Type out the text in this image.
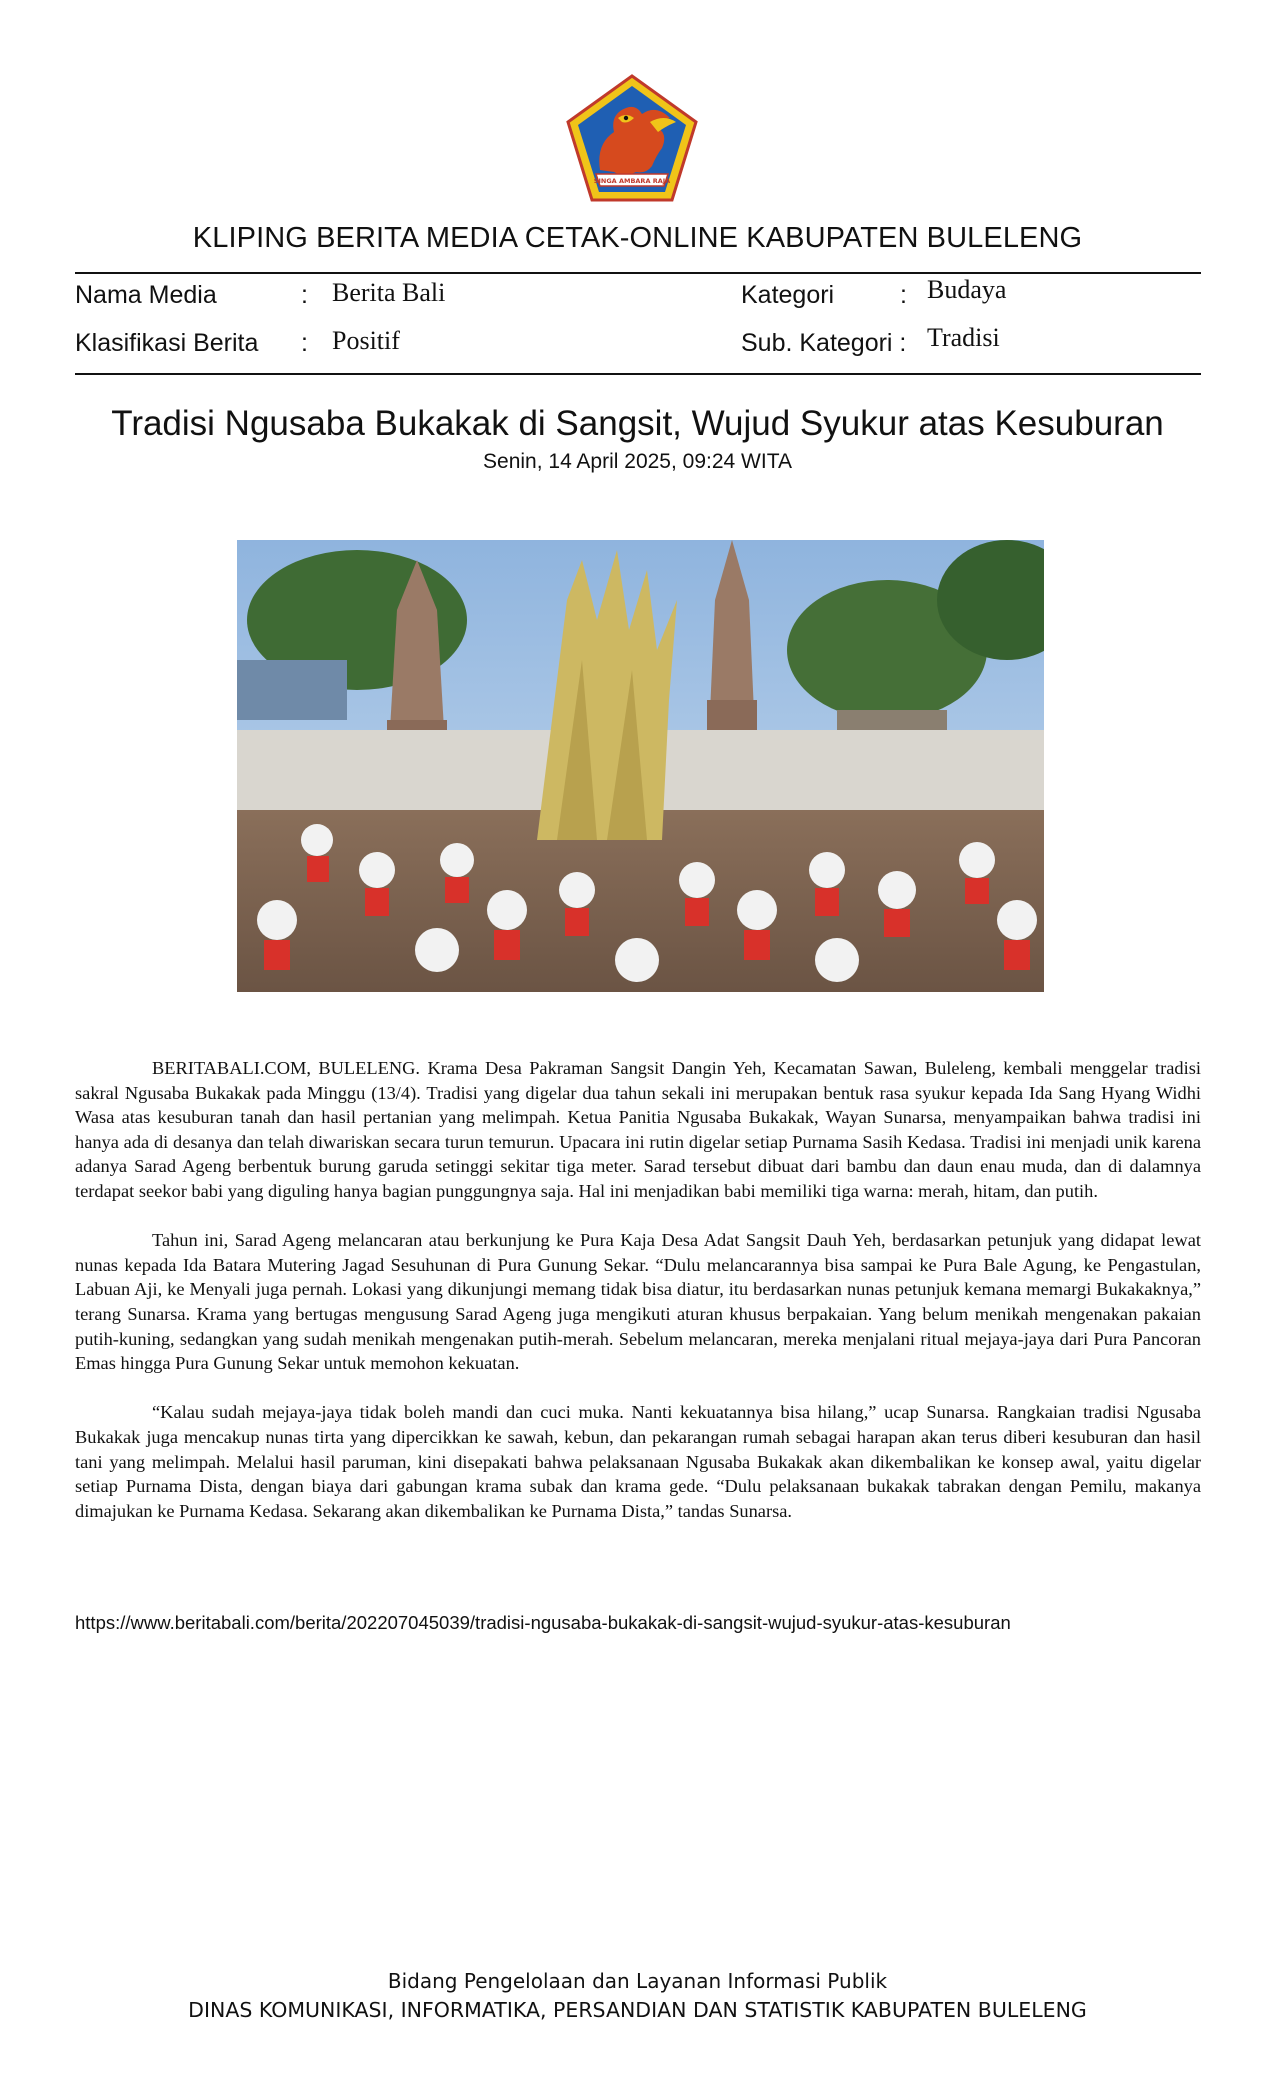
SINGA AMBARA RAJA
KLIPING BERITA MEDIA CETAK-ONLINE KABUPATEN BULELENG
Nama Media	: Berita Bali	Kategori	: Budaya
Klasifikasi Berita : Positif	Sub. Kategori : Tradisi
Tradisi Ngusaba Bukakak di Sangsit, Wujud Syukur atas Kesuburan
Senin, 14 April 2025, 09:24 WITA

BERITABALI.COM, BULELENG. Krama Desa Pakraman Sangsit Dangin Yeh, Kecamatan Sawan, Buleleng, kembali menggelar tradisi sakral Ngusaba Bukakak pada Minggu (13/4). Tradisi yang digelar dua tahun sekali ini merupakan bentuk rasa syukur kepada Ida Sang Hyang Widhi Wasa atas kesuburan tanah dan hasil pertanian yang melimpah. Ketua Panitia Ngusaba Bukakak, Wayan Sunarsa, menyampaikan bahwa tradisi ini hanya ada di desanya dan telah diwariskan secara turun temurun. Upacara ini rutin digelar setiap Purnama Sasih Kedasa. Tradisi ini menjadi unik karena adanya Sarad Ageng berbentuk burung garuda setinggi sekitar tiga meter. Sarad tersebut dibuat dari bambu dan daun enau muda, dan di dalamnya terdapat seekor babi yang diguling hanya bagian punggungnya saja. Hal ini menjadikan babi memiliki tiga warna: merah, hitam, dan putih.

Tahun ini, Sarad Ageng melancaran atau berkunjung ke Pura Kaja Desa Adat Sangsit Dauh Yeh, berdasarkan petunjuk yang didapat lewat nunas kepada Ida Batara Mutering Jagad Sesuhunan di Pura Gunung Sekar. “Dulu melancarannya bisa sampai ke Pura Bale Agung, ke Pengastulan, Labuan Aji, ke Menyali juga pernah. Lokasi yang dikunjungi memang tidak bisa diatur, itu berdasarkan nunas petunjuk kemana memargi Bukakaknya,” terang Sunarsa. Krama yang bertugas mengusung Sarad Ageng juga mengikuti aturan khusus berpakaian. Yang belum menikah mengenakan pakaian putih-kuning, sedangkan yang sudah menikah mengenakan putih-merah. Sebelum melancaran, mereka menjalani ritual mejaya-jaya dari Pura Pancoran Emas hingga Pura Gunung Sekar untuk memohon kekuatan.

“Kalau sudah mejaya-jaya tidak boleh mandi dan cuci muka. Nanti kekuatannya bisa hilang,” ucap Sunarsa. Rangkaian tradisi Ngusaba Bukakak juga mencakup nunas tirta yang dipercikkan ke sawah, kebun, dan pekarangan rumah sebagai harapan akan terus diberi kesuburan dan hasil tani yang melimpah. Melalui hasil paruman, kini disepakati bahwa pelaksanaan Ngusaba Bukakak akan dikembalikan ke konsep awal, yaitu digelar setiap Purnama Dista, dengan biaya dari gabungan krama subak dan krama gede. “Dulu pelaksanaan bukakak tabrakan dengan Pemilu, makanya dimajukan ke Purnama Kedasa. Sekarang akan dikembalikan ke Purnama Dista,” tandas Sunarsa.

https://www.beritabali.com/berita/202207045039/tradisi-ngusaba-bukakak-di-sangsit-wujud-syukur-atas-kesuburan
Bidang Pengelolaan dan Layanan Informasi Publik
DINAS KOMUNIKASI, INFORMATIKA, PERSANDIAN DAN STATISTIK KABUPATEN BULELENG
